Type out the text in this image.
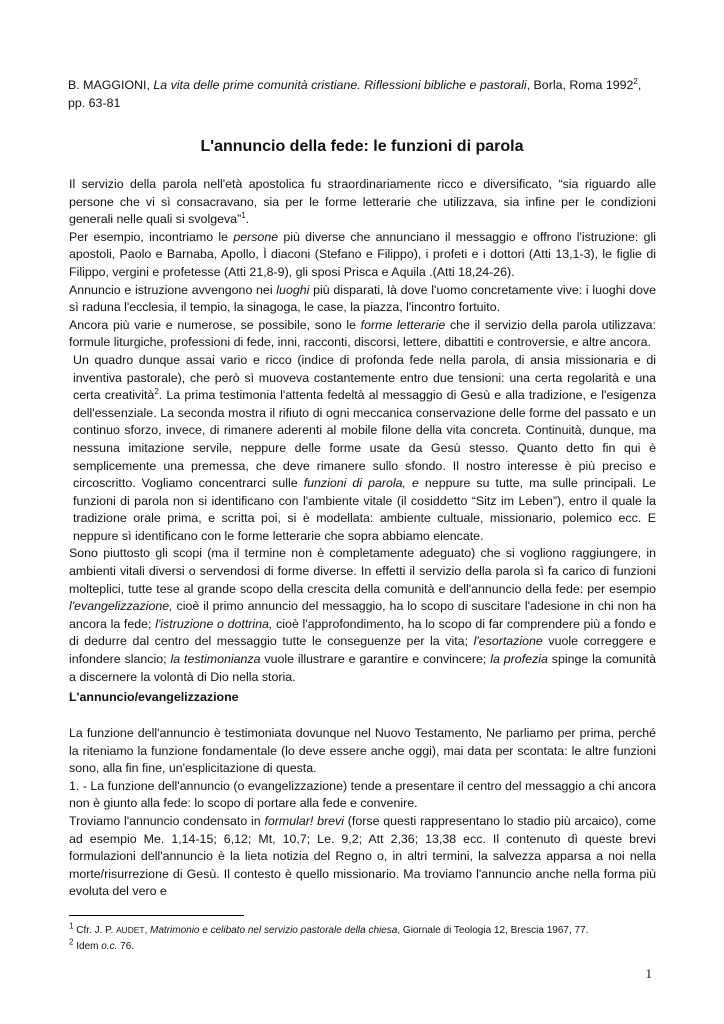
B. MAGGIONI, La vita delle prime comunità cristiane. Riflessioni bibliche e pastorali, Borla, Roma 1992$^2$, pp. 63-81
L'annuncio della fede: le funzioni di parola

Il servizio della parola nell'età apostolica fu straordinariamente ricco e diversificato, “sia riguardo alle persone che vi sì consacravano, sia per le forme letterarie che utilizzava, sia infine per le condizioni generali nelle quali si svolgeva”$^1$.

Per esempio, incontriamo le persone più diverse che annunciano il messaggio e offrono l'istruzione: gli apostoli, Paolo e Barnaba, Apollo, Ì diaconi (Stefano e Filippo), i profeti e i dottori (Atti 13,1-3), le figlie di Filippo, vergini e profetesse (Atti 21,8-9), gli sposi Prisca e Aquila .(Atti 18,24-26).

Annuncio e istruzione avvengono nei luoghi più disparati, là dove l'uomo concretamente vive: i luoghi dove sì raduna l'ecclesia, il tempio, la sinagoga, le case, la piazza, l'incontro fortuito.

Ancora più varie e numerose, se possibile, sono le forme letterarie che il servizio della parola utilizzava: formule liturgiche, professioni di fede, inni, racconti, discorsi, lettere, dibattiti e controversie, e altre ancora.

Un quadro dunque assai vario e ricco (indice di profonda fede nella parola, di ansia missionaria e di inventiva pastorale), che però sì muoveva costantemente entro due tensioni: una certa regolarità e una certa creatività$^2$. La prima testimonia l'attenta fedeltà al messaggio di Gesù e alla tradizione, e l'esigenza dell'essenziale. La seconda mostra il rifiuto di ogni meccanica conservazione delle forme del passato e un continuo sforzo, invece, di rimanere aderenti al mobile filone della vita concreta. Continuità, dunque, ma nessuna imitazione servile, neppure delle forme usate da Gesù stesso. Quanto detto fin qui è semplicemente una premessa, che deve rimanere sullo sfondo. Il nostro interesse è più preciso e circoscritto. Vogliamo concentrarci sulle funzioni di parola, e neppure su tutte, ma sulle principali. Le funzioni di parola non si identificano con l'ambiente vitale (il cosiddetto “Sitz im Leben”), entro il quale la tradizione orale prima, e scritta poi, si è modellata: ambiente cultuale, missionario, polemico ecc. E neppure sì identificano con le forme letterarie che sopra abbiamo elencate.

Sono piuttosto gli scopi (ma il termine non è completamente adeguato) che si vogliono raggiungere, in ambienti vitali diversi o servendosi di forme diverse. In effetti il servizio della parola sì fa carico di funzioni molteplici, tutte tese al grande scopo della crescita della comunità e dell'annuncio della fede: per esempio l'evangelizzazione, cioè il primo annuncio del messaggio, ha lo scopo di suscitare l'adesione in chi non ha ancora la fede; l'istruzione o dottrina, cioè l'approfondimento, ha lo scopo di far comprendere più a fondo e di dedurre dal centro del messaggio tutte le conseguenze per la vita; l'esortazione vuole correggere e infondere slancio; la testimonianza vuole illustrare e garantire e convincere; la profezia spinge la comunità a discernere la volontà di Dio nella storia.

L'annuncio/evangelizzazione

La funzione dell'annuncio è testimoniata dovunque nel Nuovo Testamento, Ne parliamo per prima, perché la riteniamo la funzione fondamentale (lo deve essere anche oggi), mai data per scontata: le altre funzioni sono, alla fin fine, un'esplicitazione di questa.

1. - La funzione dell'annuncio (o evangelizzazione) tende a presentare il centro del messaggio a chi ancora non è giunto alla fede: lo scopo di portare alla fede e convenire.

Troviamo l'annuncio condensato in formular! brevi (forse questi rappresentano lo stadio più arcaico), come ad esempio Me. 1,14-15; 6,12; Mt, 10,7; Le. 9,2; Att 2,36; 13,38 ecc. Il contenuto dì queste brevi formulazioni dell'annuncio è la lieta notizia del Regno o, in altri termini, la salvezza apparsa a noi nella morte/risurrezione di Gesù. Il contesto è quello missionario. Ma troviamo l'annuncio anche nella forma più evoluta del vero e

$^1$ Cfr. J. P. AUDET, Matrimonio e celibato nel servizio pastorale della chiesa, Giornale di Teologia 12, Brescia 1967, 77.

$^2$ Idem o.c. 76.

1
